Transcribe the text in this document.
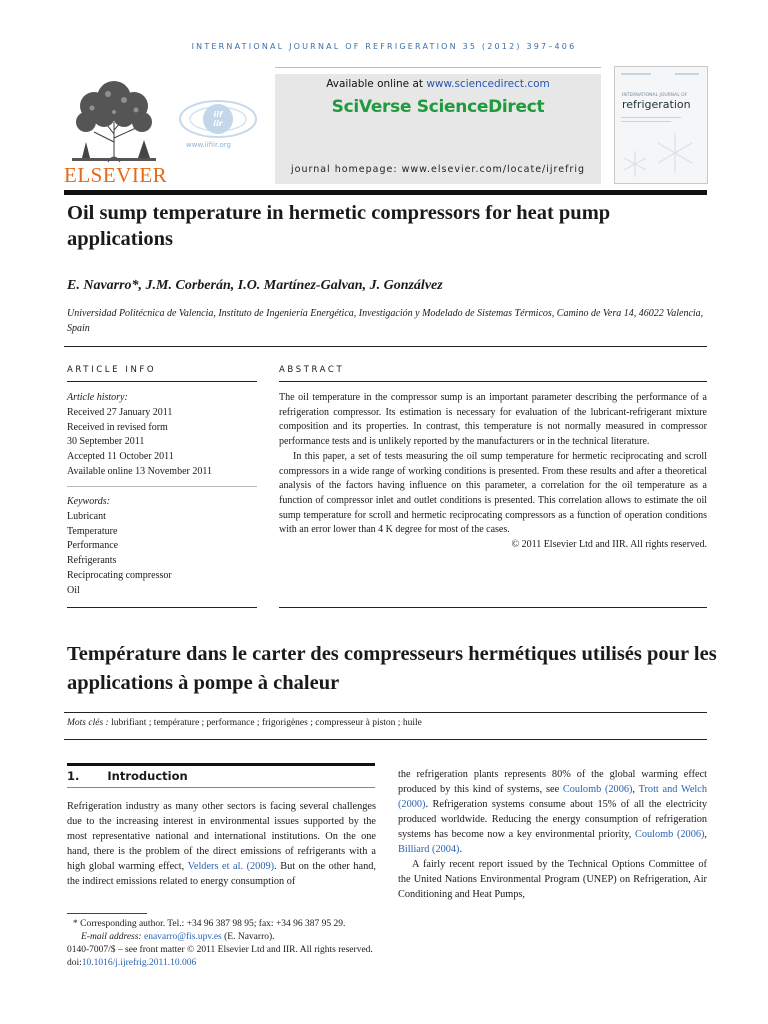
INTERNATIONAL JOURNAL OF REFRIGERATION 35 (2012) 397–406
ELSEVIER
iif
iir
www.iifiir.org
Available online at www.sciencedirect.com
SciVerse ScienceDirect
journal homepage: www.elsevier.com/locate/ijrefrig
INTERNATIONAL JOURNAL OF
refrigeration
Oil sump temperature in hermetic compressors for heat pump applications
E. Navarro*, J.M. Corberán, I.O. Martínez-Galvan, J. Gonzálvez
Universidad Politécnica de Valencia, Instituto de Ingeniería Energética, Investigación y Modelado de Sistemas Térmicos, Camino de Vera 14, 46022 Valencia, Spain
ARTICLE INFO	ABSTRACT
Article history:
Received 27 January 2011
Received in revised form
30 September 2011
Accepted 11 October 2011
Available online 13 November 2011
Keywords:
Lubricant
Temperature
Performance
Refrigerants
Reciprocating compressor
Oil

The oil temperature in the compressor sump is an important parameter describing the performance of a refrigeration compressor. Its estimation is necessary for evaluation of the lubricant-refrigerant mixture composition and its properties. In contrast, this temperature is not normally measured in compressor performance tests and is unlikely reported by the manufacturers or in the technical literature.

In this paper, a set of tests measuring the oil sump temperature for hermetic reciprocating and scroll compressors in a wide range of working conditions is presented. From these results and after a theoretical analysis of the factors having influence on this parameter, a correlation for the oil temperature as a function of compressor inlet and outlet conditions is presented. This correlation allows to estimate the oil sump temperature for scroll and hermetic reciprocating compressors as a function of operation conditions with an error lower than 4 K degree for most of the cases.

© 2011 Elsevier Ltd and IIR. All rights reserved.
Température dans le carter des compresseurs hermétiques utilisés pour les applications à pompe à chaleur
Mots clés : lubrifiant ; température ; performance ; frigorigènes ; compresseur à piston ; huile
1. Introduction
Refrigeration industry as many other sectors is facing several challenges due to the increasing interest in environmental issues supported by the most representative national and international institutions. On the one hand, there is the problem of the direct emissions of refrigerants with a high global warming effect, Velders et al. (2009). But on the other hand, the indirect emissions related to energy consumption of
the refrigeration plants represents 80% of the global warming effect produced by this kind of systems, see Coulomb (2006), Trott and Welch (2000). Refrigeration systems consume about 15% of all the electricity produced worldwide. Reducing the energy consumption of refrigeration systems has become now a key environmental priority, Coulomb (2006), Billiard (2004).
A fairly recent report issued by the Technical Options Committee of the United Nations Environmental Program (UNEP) on Refrigeration, Air Conditioning and Heat Pumps,
* Corresponding author. Tel.: +34 96 387 98 95; fax: +34 96 387 95 29.
E-mail address: enavarro@fis.upv.es (E. Navarro).
0140-7007/$ – see front matter © 2011 Elsevier Ltd and IIR. All rights reserved.
doi:10.1016/j.ijrefrig.2011.10.006
